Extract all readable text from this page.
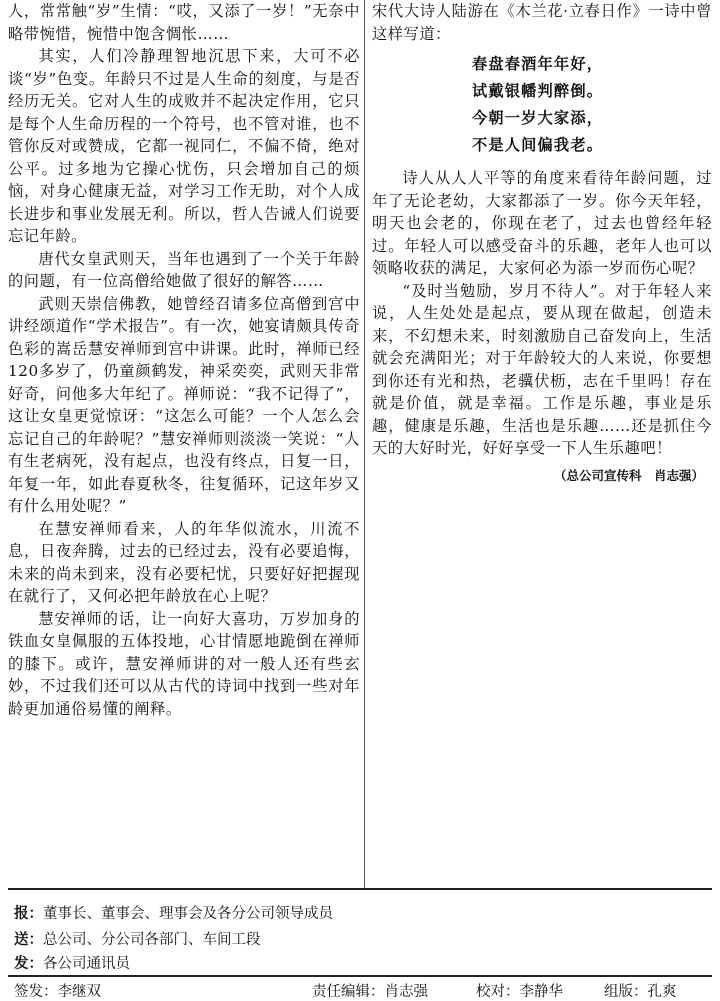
人，常常触“岁”生情：“哎，又添了一岁！”无奈中略带惋惜，惋惜中饱含惆怅……

其实，人们冷静理智地沉思下来，大可不必谈“岁”色变。年龄只不过是人生命的刻度，与是否经历无关。它对人生的成败并不起决定作用，它只是每个人生命历程的一个符号，也不管对谁，也不管你反对或赞成，它都一视同仁，不偏不倚，绝对公平。过多地为它操心忧伤，只会增加自己的烦恼，对身心健康无益，对学习工作无助，对个人成长进步和事业发展无利。所以，哲人告诫人们说要忘记年龄。

唐代女皇武则天，当年也遇到了一个关于年龄的问题，有一位高僧给她做了很好的解答……

武则天崇信佛教，她曾经召请多位高僧到宫中讲经颂道作“学术报告”。有一次，她宴请颇具传奇色彩的嵩岳慧安禅师到宫中讲课。此时，禅师已经120多岁了，仍童颜鹤发，神采奕奕，武则天非常好奇，问他多大年纪了。禅师说：“我不记得了”，这让女皇更觉惊讶：“这怎么可能？一个人怎么会忘记自己的年龄呢？”慧安禅师则淡淡一笑说：“人有生老病死，没有起点，也没有终点，日复一日，年复一年，如此春夏秋冬，往复循环，记这年岁又有什么用处呢？”

在慧安禅师看来，人的年华似流水，川流不息，日夜奔腾，过去的已经过去，没有必要追悔，未来的尚未到来，没有必要杞忧，只要好好把握现在就行了，又何必把年龄放在心上呢？

慧安禅师的话，让一向好大喜功，万岁加身的铁血女皇佩服的五体投地，心甘情愿地跪倒在禅师的膝下。或许，慧安禅师讲的对一般人还有些玄妙，不过我们还可以从古代的诗词中找到一些对年龄更加通俗易懂的阐释。

宋代大诗人陆游在《木兰花·立春日作》一诗中曾这样写道：

春盘春酒年年好，
试戴银幡判醉倒。
今朝一岁大家添，
不是人间偏我老。

诗人从人人平等的角度来看待年龄问题，过年了无论老幼，大家都添了一岁。你今天年轻，明天也会老的，你现在老了，过去也曾经年轻过。年轻人可以感受奋斗的乐趣，老年人也可以领略收获的满足，大家何必为添一岁而伤心呢？

“及时当勉励，岁月不待人”。对于年轻人来说，人生处处是起点，要从现在做起，创造未来，不幻想未来，时刻激励自己奋发向上，生活就会充满阳光；对于年龄较大的人来说，你要想到你还有光和热，老骥伏枥，志在千里吗！存在就是价值，就是幸福。工作是乐趣，事业是乐趣，健康是乐趣，生活也是乐趣……还是抓住今天的大好时光，好好享受一下人生乐趣吧！

（总公司宣传科　肖志强）
报：董事长、董事会、理事会及各分公司领导成员
送：总公司、分公司各部门、车间工段
发：各公司通讯员
签发：李继双	责任编辑：肖志强	校对：李静华	组版：孔爽
